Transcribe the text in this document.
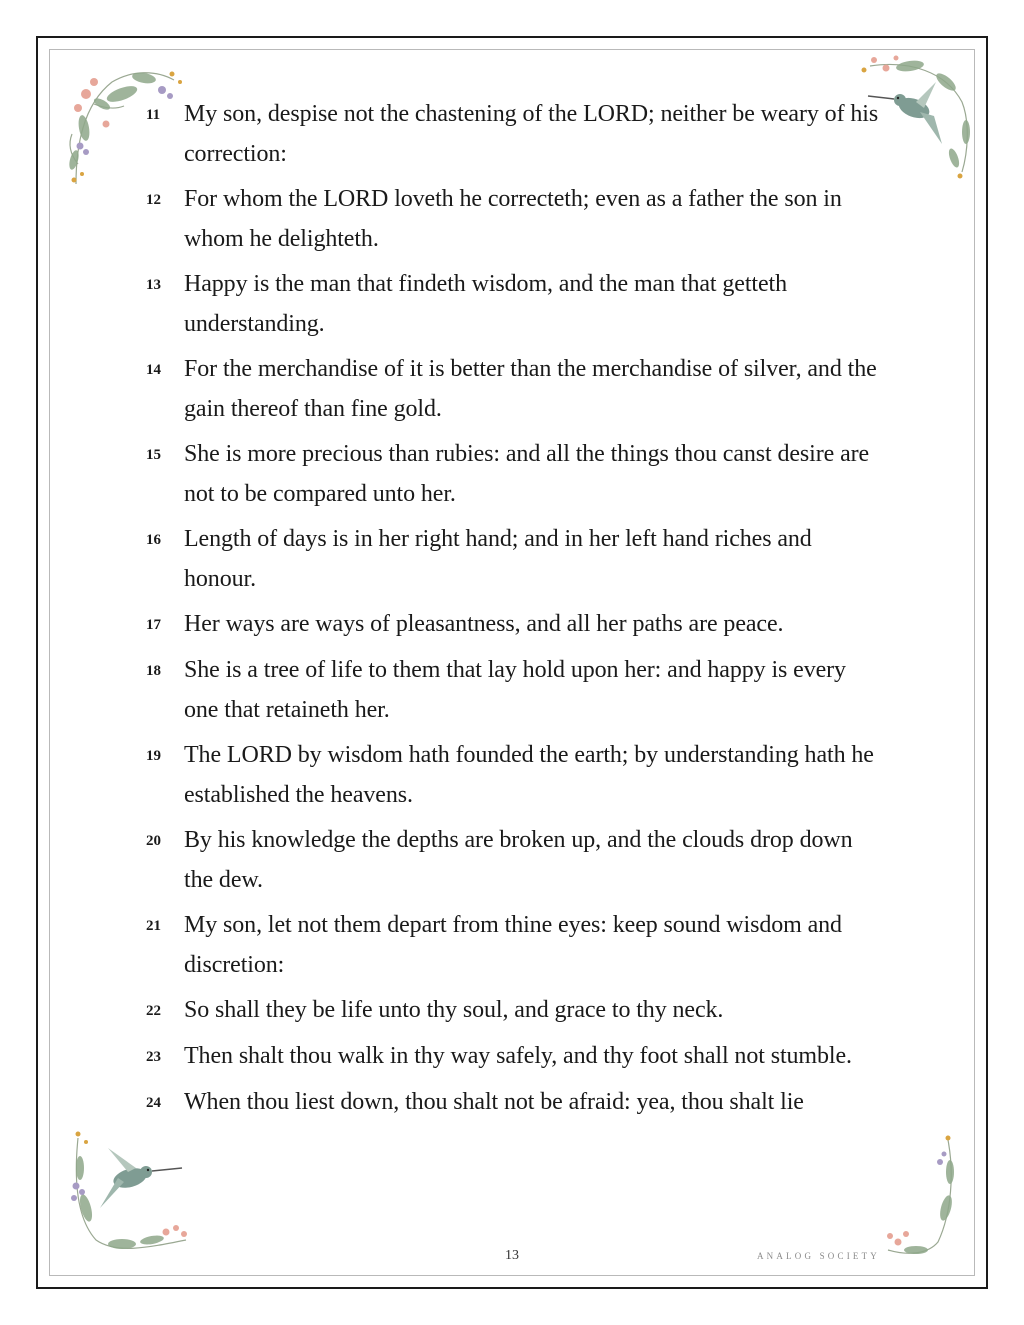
11 My son, despise not the chastening of the LORD; neither be weary of his correction:
12 For whom the LORD loveth he correcteth; even as a father the son in whom he delighteth.
13 Happy is the man that findeth wisdom, and the man that getteth understanding.
14 For the merchandise of it is better than the merchandise of silver, and the gain thereof than fine gold.
15 She is more precious than rubies: and all the things thou canst desire are not to be compared unto her.
16 Length of days is in her right hand; and in her left hand riches and honour.
17 Her ways are ways of pleasantness, and all her paths are peace.
18 She is a tree of life to them that lay hold upon her: and happy is every one that retaineth her.
19 The LORD by wisdom hath founded the earth; by understanding hath he established the heavens.
20 By his knowledge the depths are broken up, and the clouds drop down the dew.
21 My son, let not them depart from thine eyes: keep sound wisdom and discretion:
22 So shall they be life unto thy soul, and grace to thy neck.
23 Then shalt thou walk in thy way safely, and thy foot shall not stumble.
24 When thou liest down, thou shalt not be afraid: yea, thou shalt lie
13	ANALOG SOCIETY
